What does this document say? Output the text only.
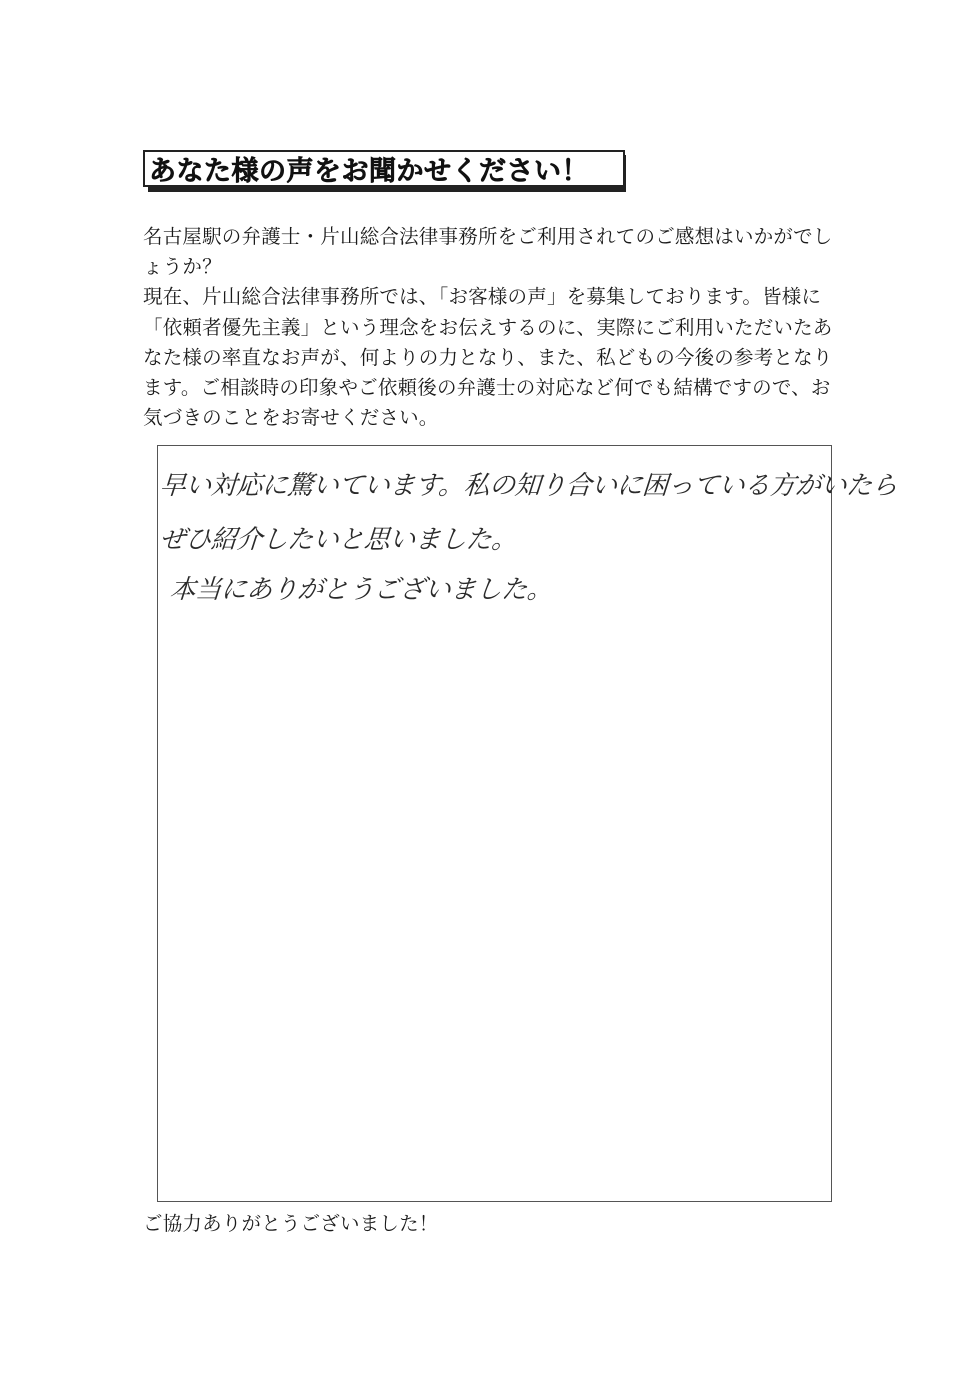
あなた様の声をお聞かせください！

名古屋駅の弁護士・片山総合法律事務所をご利用されてのご感想はいかがでしょうか？

現在、片山総合法律事務所では、「お客様の声」を募集しております。皆様に「依頼者優先主義」という理念をお伝えするのに、実際にご利用いただいたあなた様の率直なお声が、何よりの力となり、また、私どもの今後の参考となります。ご相談時の印象やご依頼後の弁護士の対応など何でも結構ですので、お気づきのことをお寄せください。

早い対応に驚いています。私の知り合いに困っている方がいたら
ぜひ紹介したいと思いました。
本当にありがとうございました。
ご協力ありがとうございました！
